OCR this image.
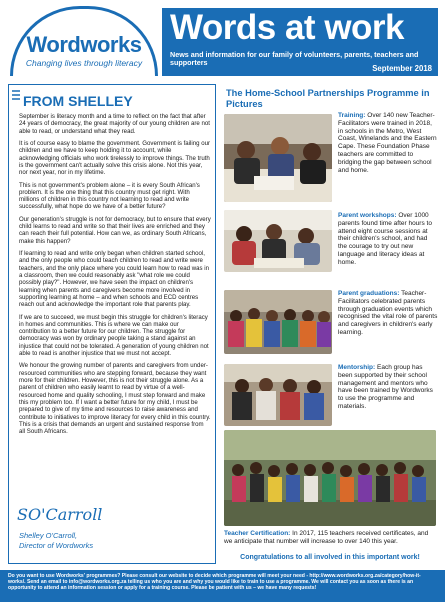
Wordworks
Changing lives through literacy
Words at work
News and information for our family of volunteers, parents, teachers and supporters
September 2018
FROM SHELLEY

September is literacy month and a time to reflect on the fact that after 24 years of democracy, the great majority of our young children are not able to read, or understand what they read.

It is of course easy to blame the government. Government is failing our children and we have to keep holding it to account, while acknowledging officials who work tirelessly to improve things. The truth is the government can't actually solve this crisis alone. Not this year, nor next year, nor in my lifetime.

This is not government's problem alone – it is every South African's problem. It is the one thing that this country must get right. With millions of children in this country not learning to read and write successfully, what hope do we have of a better future?

Our generation's struggle is not for democracy, but to ensure that every child learns to read and write so that their lives are enriched and they can reach their full potential. How can we, as ordinary South Africans, make this happen?

If learning to read and write only began when children started school, and the only people who could teach children to read and write were teachers, and the only place where you could learn how to read was in a classroom, then we could reasonably ask "what role we could possibly play?". However, we have seen the impact on children's learning when parents and caregivers become more involved in supporting learning at home – and when schools and ECD centres reach out and acknowledge the important role that parents play.

If we are to succeed, we must begin this struggle for children's literacy in homes and communities. This is where we can make our contribution to a better future for our children. The struggle for democracy was won by ordinary people taking a stand against an injustice that could not be tolerated. A generation of young children not able to read is another injustice that we must not accept.

We honour the growing number of parents and caregivers from under-resourced communities who are stepping forward, because they want more for their children. However, this is not their struggle alone. As a parent of children who easily learnt to read by virtue of a well-resourced home and quality schooling, I must step forward and make this my problem too. If I want a better future for my child, I must be prepared to give of my time and resources to raise awareness and contribute to initiatives to improve literacy for every child in this country. This is a crisis that demands an urgent and sustained response from all South Africans.

SO'Carroll
Shelley O'Carroll,
Director of Wordworks
The Home-School Partnerships Programme in Pictures
Training: Over 140 new Teacher-Facilitators were trained in 2018, in schools in the Metro, West Coast, Winelands and the Eastern Cape. These Foundation Phase teachers are committed to bridging the gap between school and home.
Parent workshops: Over 1000 parents found time after hours to attend eight course sessions at their children's school, and had the courage to try out new language and literacy ideas at home.
Parent graduations: Teacher-Facilitators celebrated parents through graduation events which recognised the vital role of parents and caregivers in children's early learning.
Mentorship: Each group has been supported by their school management and mentors who have been trained by Wordworks to use the programme and materials.
Teacher Certification: In 2017, 115 teachers received certificates, and we anticipate that number will increase to over 140 this year.
Congratulations to all involved in this important work!
Do you want to use Wordworks' programmes? Please consult our website to decide which programme will meet your need - http://www.wordworks.org.za/category/how-it-works/. Send an email to info@wordworks.org.za telling us who you are and why you would like to train to use a programme. We will contact you as soon as there is an opportunity to attend an information session or apply for a training course. Please be patient with us – we have many requests!
